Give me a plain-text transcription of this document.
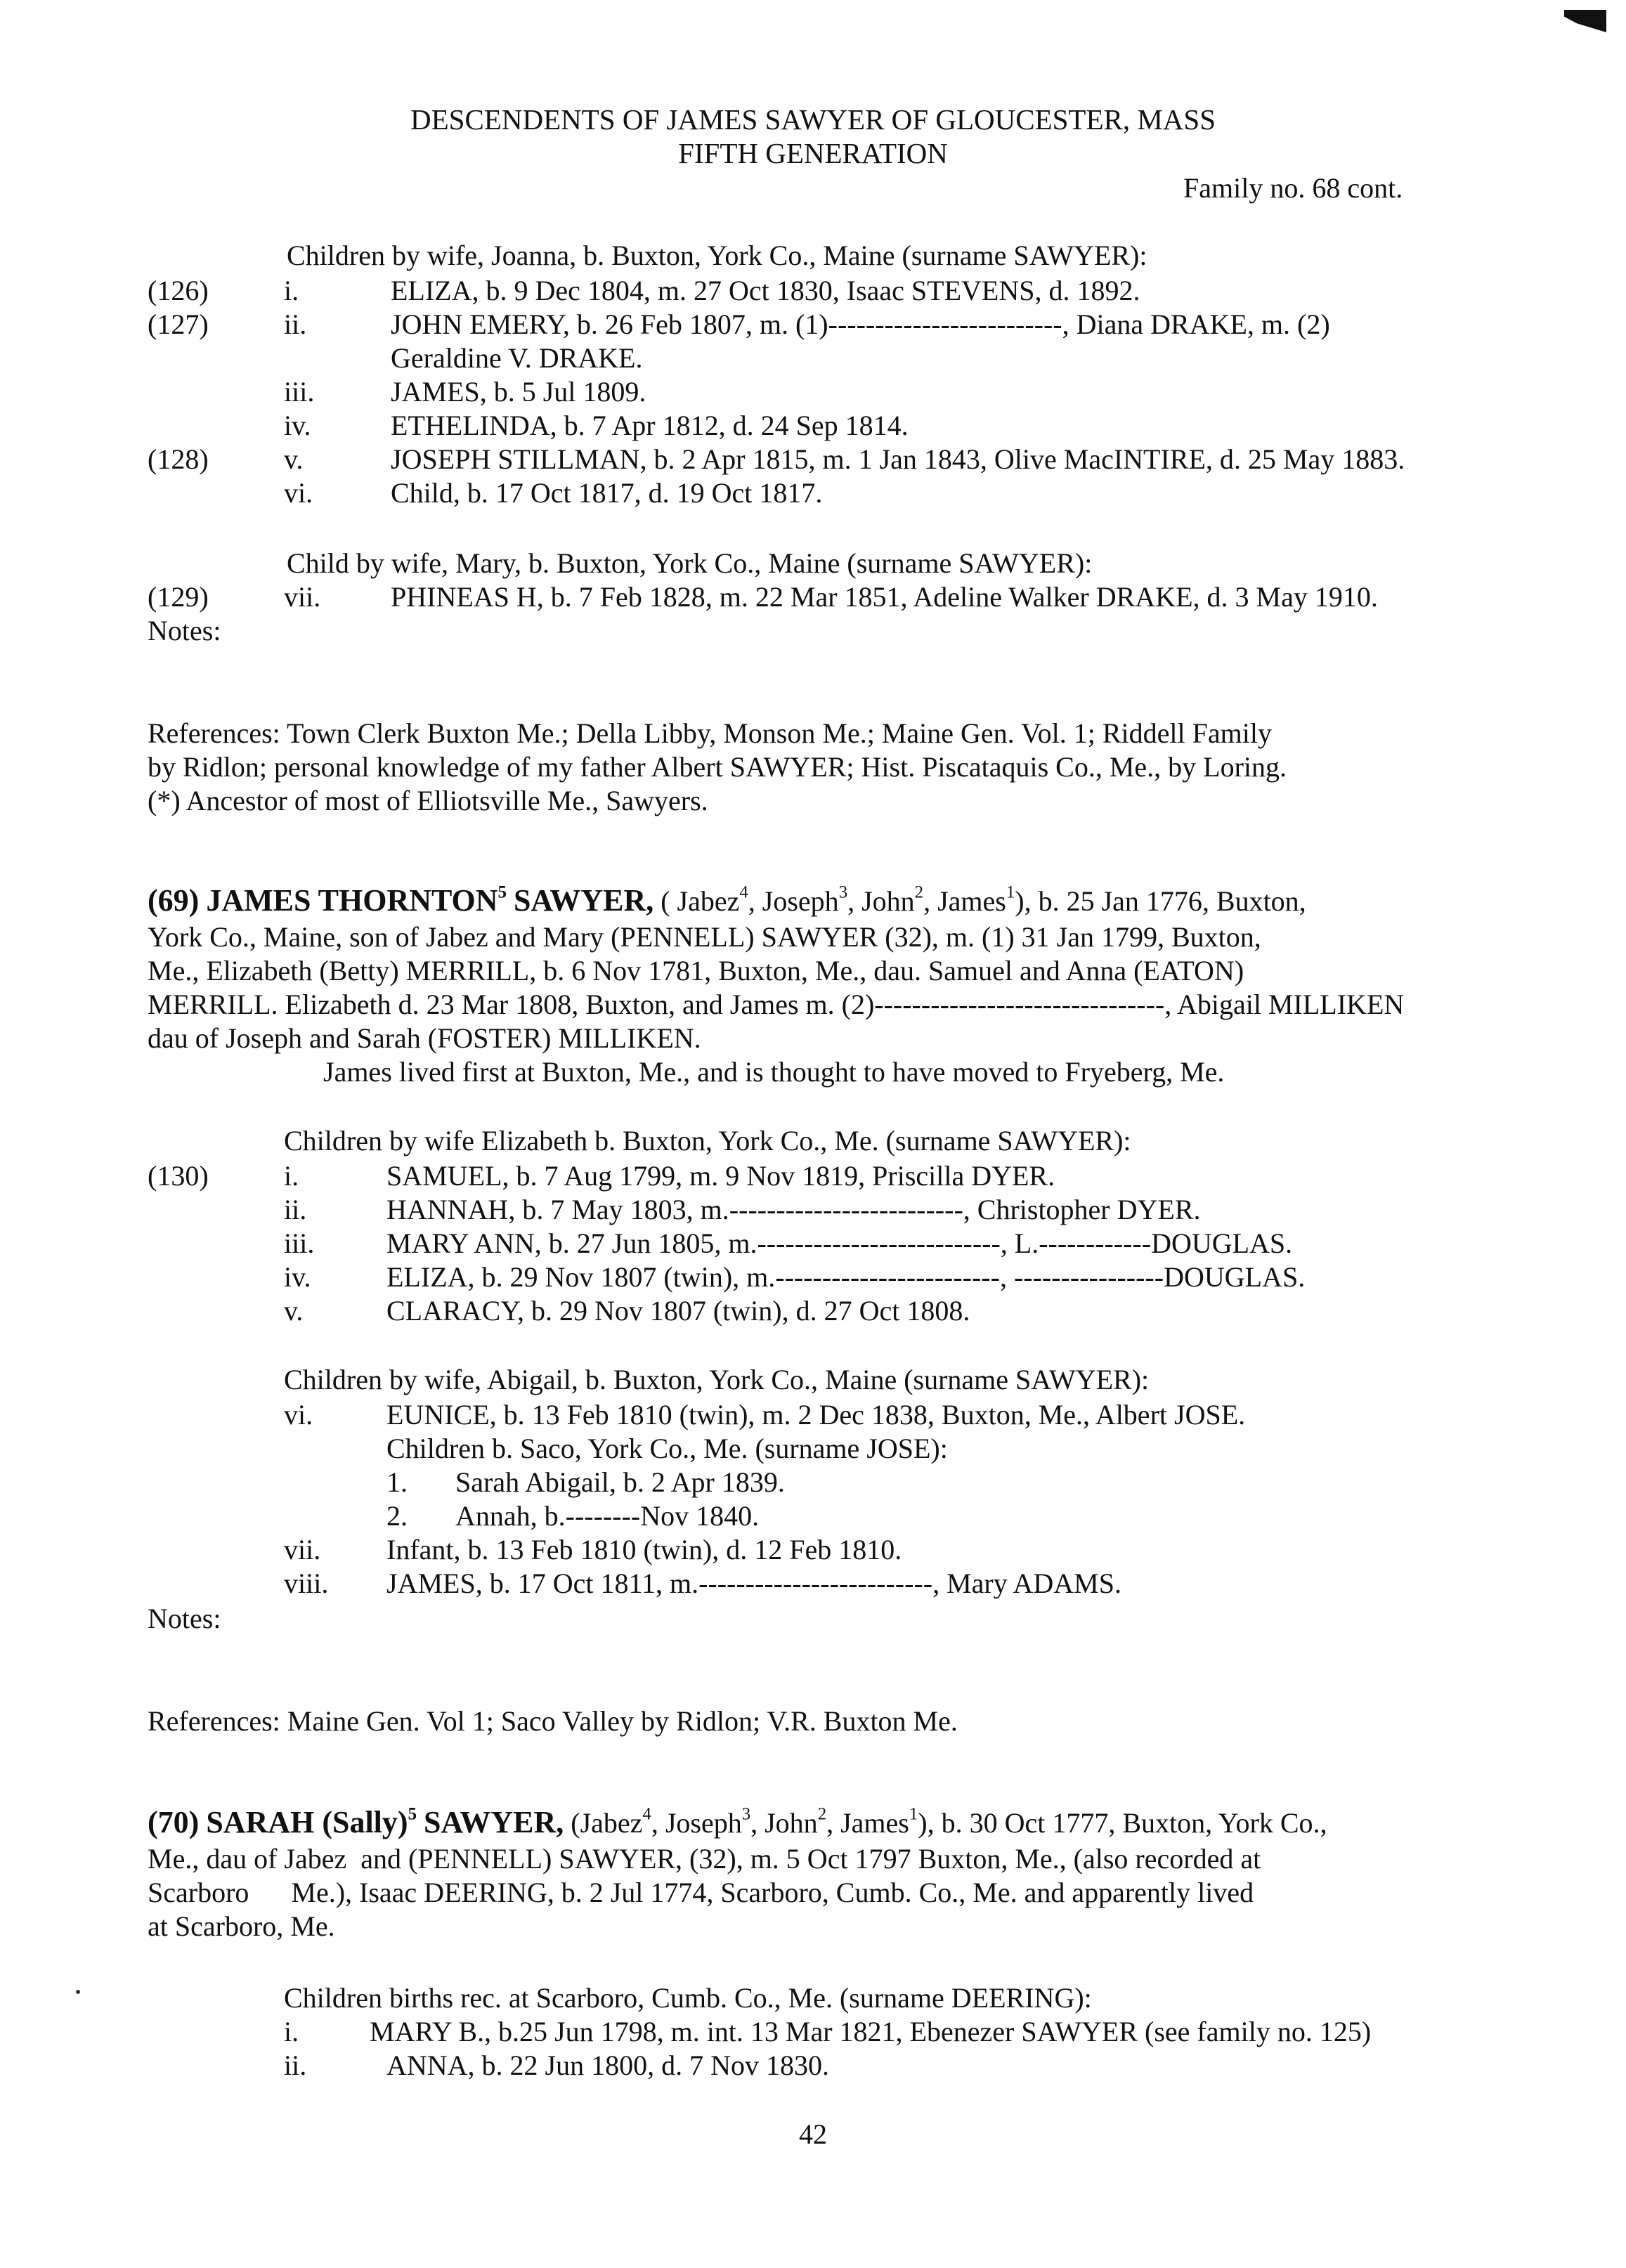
DESCENDENTS OF JAMES SAWYER OF GLOUCESTER, MASS
FIFTH GENERATION
Family no. 68 cont.
Children by wife, Joanna, b. Buxton, York Co., Maine (surname SAWYER):
(126)	i.	ELIZA, b. 9 Dec 1804, m. 27 Oct 1830, Isaac STEVENS, d. 1892.
(127)	ii.	JOHN EMERY, b. 26 Feb 1807, m. (1)-------------------------, Diana DRAKE, m. (2)
Geraldine V. DRAKE.
iii.	JAMES, b. 5 Jul 1809.
iv.	ETHELINDA, b. 7 Apr 1812, d. 24 Sep 1814.
(128)	v.	JOSEPH STILLMAN, b. 2 Apr 1815, m. 1 Jan 1843, Olive MacINTIRE, d. 25 May 1883.
vi.	Child, b. 17 Oct 1817, d. 19 Oct 1817.
Child by wife, Mary, b. Buxton, York Co., Maine (surname SAWYER):
(129)	vii. PHINEAS H, b. 7 Feb 1828, m. 22 Mar 1851, Adeline Walker DRAKE, d. 3 May 1910.
Notes:
References: Town Clerk Buxton Me.; Della Libby, Monson Me.; Maine Gen. Vol. 1; Riddell Family
by Ridlon; personal knowledge of my father Albert SAWYER; Hist. Piscataquis Co., Me., by Loring.
(*) Ancestor of most of Elliotsville Me., Sawyers.
(69) JAMES THORNTON$^5$ SAWYER, ( Jabez$^4$, Joseph$^3$, John$^2$, James$^1$), b. 25 Jan 1776, Buxton,
York Co., Maine, son of Jabez and Mary (PENNELL) SAWYER (32), m. (1) 31 Jan 1799, Buxton,
Me., Elizabeth (Betty) MERRILL, b. 6 Nov 1781, Buxton, Me., dau. Samuel and Anna (EATON)
MERRILL. Elizabeth d. 23 Mar 1808, Buxton, and James m. (2)-------------------------------, Abigail MILLIKEN
dau of Joseph and Sarah (FOSTER) MILLIKEN.
James lived first at Buxton, Me., and is thought to have moved to Fryeberg, Me.
Children by wife Elizabeth b. Buxton, York Co., Me. (surname SAWYER):
(130)	i.	SAMUEL, b. 7 Aug 1799, m. 9 Nov 1819, Priscilla DYER.
ii.	HANNAH, b. 7 May 1803, m.-------------------------, Christopher DYER.
iii.	MARY ANN, b. 27 Jun 1805, m.--------------------------, L.------------DOUGLAS.
iv.	ELIZA, b. 29 Nov 1807 (twin), m.------------------------, ----------------DOUGLAS.
v.	CLARACY, b. 29 Nov 1807 (twin), d. 27 Oct 1808.
Children by wife, Abigail, b. Buxton, York Co., Maine (surname SAWYER):
vi.	EUNICE, b. 13 Feb 1810 (twin), m. 2 Dec 1838, Buxton, Me., Albert JOSE.
Children b. Saco, York Co., Me. (surname JOSE):
1. Sarah Abigail, b. 2 Apr 1839.
2. Annah, b.--------Nov 1840.
vii. Infant, b. 13 Feb 1810 (twin), d. 12 Feb 1810.
viii. JAMES, b. 17 Oct 1811, m.-------------------------, Mary ADAMS.
Notes:
References: Maine Gen. Vol 1; Saco Valley by Ridlon; V.R. Buxton Me.
(70) SARAH (Sally)$^5$ SAWYER, (Jabez$^4$, Joseph$^3$, John$^2$, James$^1$), b. 30 Oct 1777, Buxton, York Co.,
Me., dau of Jabez  and (PENNELL) SAWYER, (32), m. 5 Oct 1797 Buxton, Me., (also recorded at
Scarboro      Me.), Isaac DEERING, b. 2 Jul 1774, Scarboro, Cumb. Co., Me. and apparently lived
at Scarboro, Me.
Children births rec. at Scarboro, Cumb. Co., Me. (surname DEERING):
i.	MARY B., b.25 Jun 1798, m. int. 13 Mar 1821, Ebenezer SAWYER (see family no. 125)
ii.	ANNA, b. 22 Jun 1800, d. 7 Nov 1830.
42
